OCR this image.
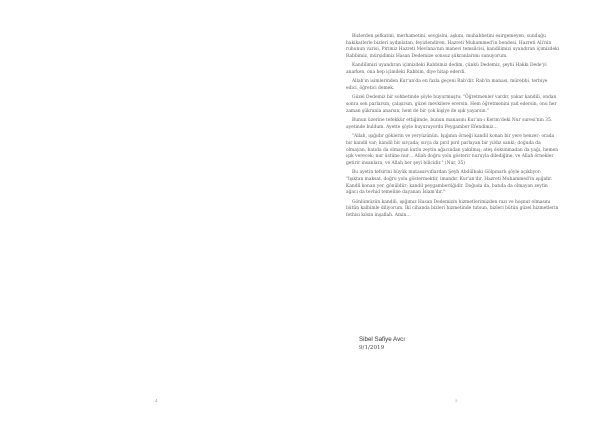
4

Bizlerden şefkatini, merhametini, sevgisini, aşkını, muhabbetini esirgemeyen, sunduğu hakikatlerle bizleri aydınlatan, feyizlendiren, Hazreti Muhammed'in bendesi, Hazreti Ali'nin ruhunun varisi, Pirimiz Hazreti Mevlana'nın manevi temsilcisi, kandilimizi uyandıran içimizdeki Rabbimiz, mürşidimiz Hasan Dedemize sonsuz şükranlarımı sunuyorum.

Kandilimizi uyandıran içimizdeki Rabbimiz dedim, çünkü Dedemiz, şeyhi Hakkı Dede'yi anarken, ona hep içimdeki Rabbim, diye hitap ederdi.

Allah'ın isimlerinden Kur'an'da en fazla geçeni Rab'dir. Rab'in manası, mürebbi, terbiye edici, öğretici demek.

Güzel Dedemiz bir sohbetinde şöyle buyurmuştu: "Öğretmenler vardır, yakar kandili, ondan sonra sen parlarsın, çalışırsın, güzel mevkilere erersin. Hem öğretmenini yad edersin, onu her zaman şükranla anarsın, hem de bir çok kişiye de ışık yayarsın."

Bunun üzerine tefekkür ettiğimde, bunun manasını Kur'an-ı Kerim'deki Nur suresi'nin 35. ayetinde buldum. Ayette şöyle buyuruyordu Peygamber Efendimiz…

"Allah, ışığıdır göklerin ve yeryüzünün. Işığının örneği kandil konan bir yere benzer; orada bir kandil var; kandil bir sırçada; sırça da pırıl pırıl parlayan bir yıldız sanki; doğuda da olmayan, batıda da olmayan kutlu zeytin ağacından yakılmış; ateş dokunmadan da yağı, hemen ışık verecek; nur üstüne nur… Allah doğru yolu gösterir nuruyla dilediğine, ve Allah örnekler getirir insanlara, ve Allah her şeyi bilicidir." (Nur, 35)

Bu ayetin tefsirini büyük mutasavvıflardan Şeyh Abdülbaki Gölpınarlı şöyle açıklıyor: "Işıktan maksat, doğru yolu göstermektir, imandır, Kur'an'dır, Hazreti Muhammed'in ışığıdır. Kandil konan yer, gönüldür; kandil peygamberliğidir. Doğuda da, batıda da olmayan zeytin ağacı da tevhid temeline dayanan İslam'dır."

Gönlümüzün kandili, ışığımız Hasan Dedemizin hizmetlerimizden razı ve hoşnut olmasını bütün kalbimle diliyorum. İki cihanda bizleri hizmetinde tutsun, bizleri bütün güzel hizmetlerin fethisi kılsın inşallah. Amin…

Sibel Safiye Avcı
9/1/2019
5
